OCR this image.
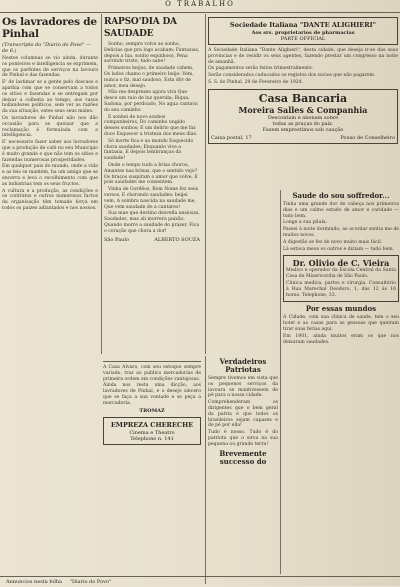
O TRABALHO
Os lavradores de Pinhal
(Transcripto do "Diario do Povo" — de 6.)

Nestes columnas se vio ainda, durante os ponteiros e intelligencia se exprimem, que os parêntes de serviços na lavoura de Pinhal e das fazendas.

E' de lastimar se a gente pelo doscaso e apathia com que se conservam a todos os sitios e fazendas e se entregam por deixar a colheita ao tempo, aos vasos hollandezes politicos, sem ver as razões da sua situação, estes seus seus males.

Os lavradores de Pinhal não nos dão occasião para se queixar que a reclamação é formulada com a intelligencia.

E' necessario fazer saber aos lavradores que a produção de café no seu Municipio é muito grande e que não tem os sitios e fazendas numerosas prosperidades.

Em qualquer pais do mundo, onde a vida e as leis se mantém, ha um amigo que se encerra e leva o recolhimento com que as industrias tem os seus fructos.

A cultura e a produção, as condições e os contratos e outros numerosos factos da organisação têm tomado força em todos os paizes adiantados e nos nossos.

RAPSO'DIA DA SAUDADE

Sonho, sempre volve ao sonho, Delicias que pra logo acabam; Fantasias, depois a lua, sonho espinhoso, Pena sorrindo triste, tudo sabe!

Primeiros beijos, de saudade cahem, Os lados chamo o primeiro beijo: Vem, nunca o fiz, mal saudoso, Esta dôr de amor, meu desejo.

Não me desprezes agora vira Que desce um raio de luz querida; Riqua, Sadona, por perdoado, No agua cantava do seu caminho.

E sonhei de novo sonhos companheiros, Do caminho ungido desses sonhos; E um delirio que me faz doce Esquecer a tristeza dos meus dias.

Só morte fica e ao mundo Esquecido chora saudades; Enquanto vive a fantasia, E depois lembranças da saudade!

Onde o tempo tudo a brisa chorou, Amantes nas brisas, que o sentido vejo? Os braços suspiram o amor que volve, E pois saudades me consentem.

Vinha de Gordêos, Bom Nome fez seus versos, E chorando saudades: beijei vem, A sombra nascida na saudade me, Que vem saudade de a cantares!

Sua mae que destino desvella ansiosas, Saudades, mas ali morrera paixão, Quando morre a saudade do prazer, Fica o coração que chora a dor!

São Paulo	ALBERTO SOUZA

A Casa Alvaro, com seu estoque sempre variado, traz ao publico mercadorias de primeira ordem em condições vantajosas.

Ainda nos resta uma dicção, aos lavradores de Pinhal, e o desejo sincero que se faça a sua vontade e se peça a mercadoria.

TROMAZ
EMPREZA CHERECHE
Cinema e Theatro
Telephone n. 141
Sociedade Italiana "DANTE ALIGHIERI"
Aos srs. proprietarios de pharmacias
PARTE OFFICIAL

A Sociedade Italiana "Dante Alighieri", desta cidade, que deseja ir-se das suas provincias e de residir os seus agentes, fazendo prestar um congresso na noite de amanhã.

Os pagamentos serão feitos trimestralmente.

Serão considerados caducados os registos dos socios que não pagarem.

S. S. do Pinhal, 29 de Fevereiro de 1924.

Casa Bancaria
Moreira Salles & Companhia
Descontam e abonam sobre
todas as praças do paiz.
Fazem emprestimos sob caução
Caixa postal, 17	Pouso de Conselheiro
Verdadeiros Patriotas

Sempre tivemos em vista que os pequenos serviços da lavoura se mantivessem de pé para a nossa cidade.

Comprehenderam os dirigentes que o bem geral da patria é que todos os brasileiros sejam capazes e de pé por ella!

Tudo é nosso. Tudo é do patriota que o sirva na sua pequena ou grande terra!

Brevemente successo do
Saude do sou soffredor...

Tinha uma grande dor de cabeça nos primeiros dias e um calmo estado de amor e caridade — tudo bem.

Longe a sua pilula.

Passei á noite dormindo, ao acordar sentia me de muitos novos.

A digestão se fez de novo muito mais fácil.

Lá estava meus os outros e diziam — tudo bem.

Dr. Olivio de C. Vieira

Medico e operador da Escola Central da Santa Casa de Misericordia de São Paulo.

Clinica medica, partos e cirurgia. Consultório á Rua Marechal Deodoro, 1, das 12 ás 16 horas. Telephone, 33.

Por essas mundos

A Cidade, com sua clinica de saude, tem o seu hotel e as casas para as pessoas que queiram tirar suas ferias aqui.

Em 1901, ainda muitos eram os que nos deixaram saudades.

Annuncios nesta folha "Diario do Povo"
